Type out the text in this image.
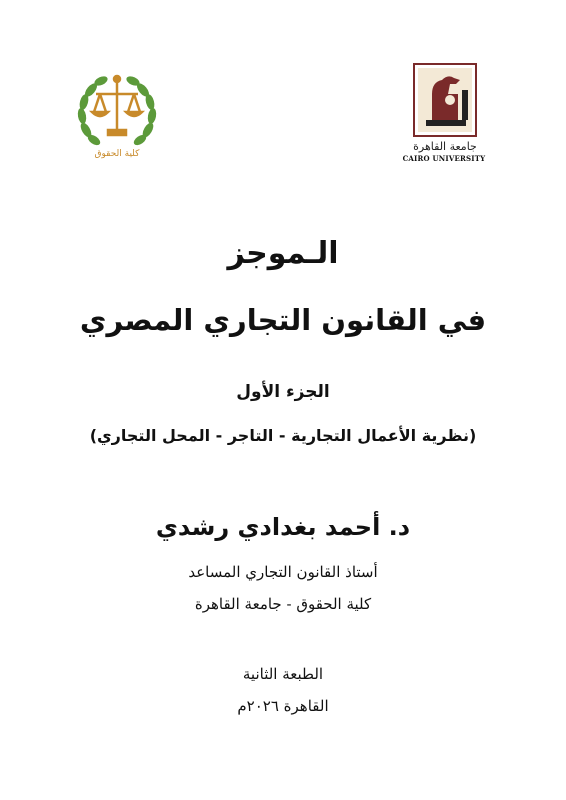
كلية الحقوق
جامعة القاهرة
CAIRO UNIVERSITY
الـموجز
في القانون التجاري المصري
الجزء الأول
(نظرية الأعمال التجارية - التاجر - المحل التجاري)
د. أحمد بغدادي رشدي
أستاذ القانون التجاري المساعد
كلية الحقوق - جامعة القاهرة
الطبعة الثانية
القاهرة ٢٠٢٦م
